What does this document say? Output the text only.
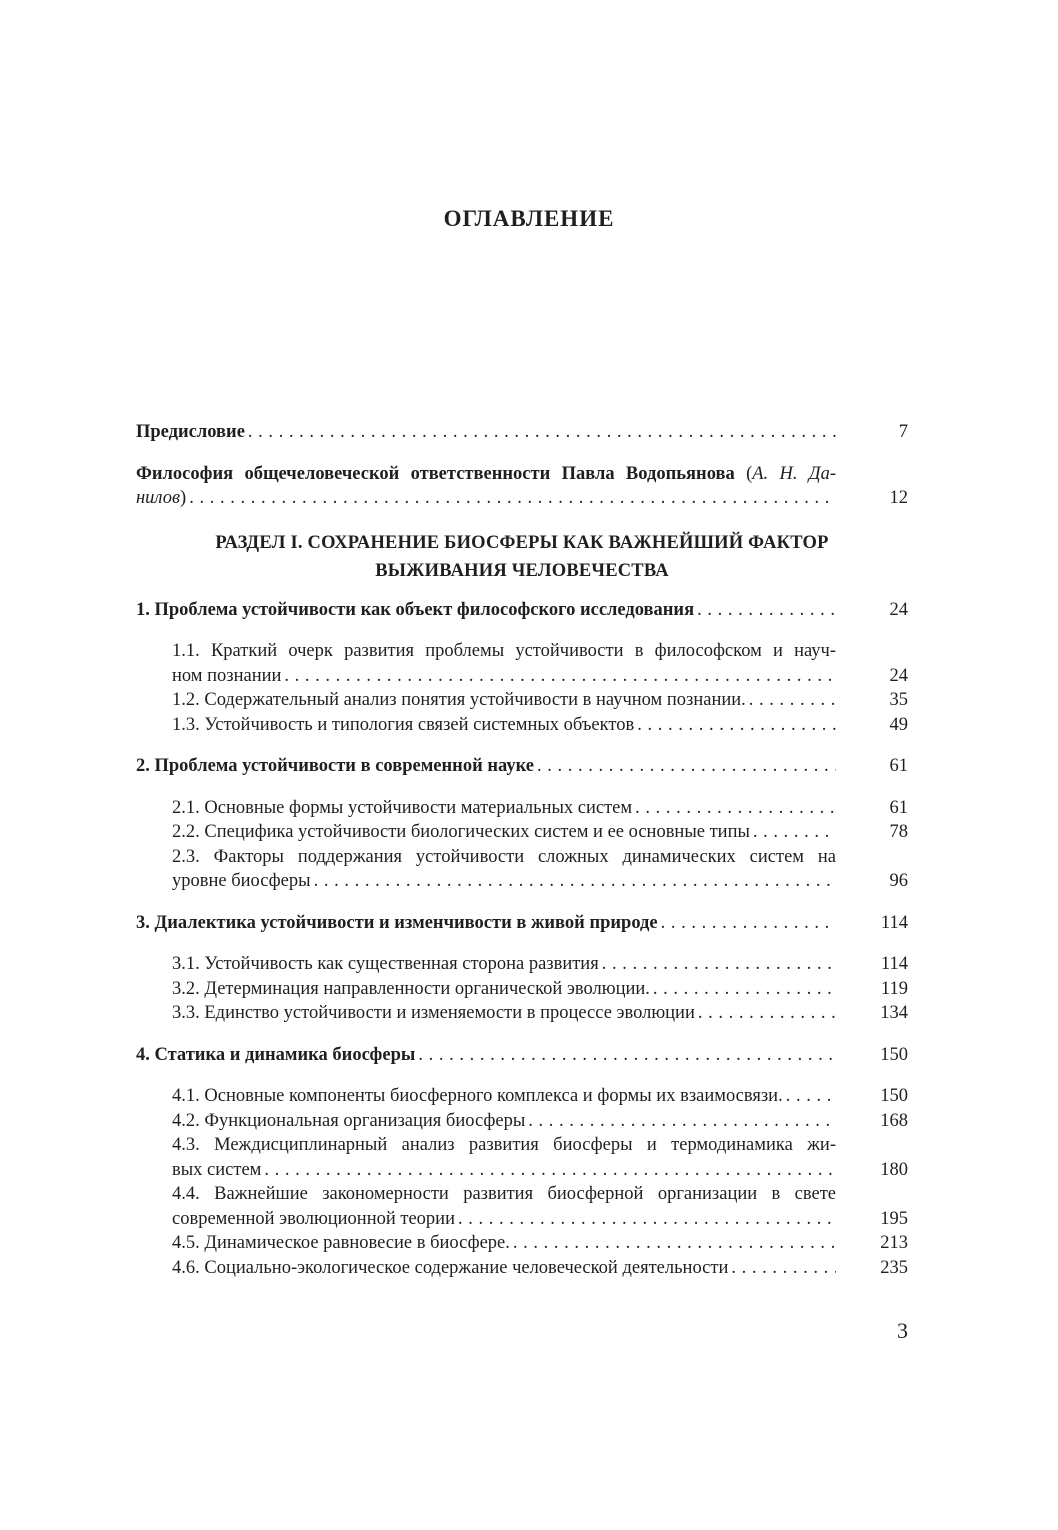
ОГЛАВЛЕНИЕ
Предисловие . . .	7
Философия общечеловеческой ответственности Павла Водопьянова (А. Н. Да-
нилов) . . .	12
РАЗДЕЛ I. СОХРАНЕНИЕ БИОСФЕРЫ КАК ВАЖНЕЙШИЙ ФАКТОР
ВЫЖИВАНИЯ ЧЕЛОВЕЧЕСТВА
1. Проблема устойчивости как объект философского исследования . . .	24
1.1. Краткий очерк развития проблемы устойчивости в философском и науч-
ном познании . . .	24
1.2. Содержательный анализ понятия устойчивости в научном познании. . . .	35
1.3. Устойчивость и типология связей системных объектов . . .	49
2. Проблема устойчивости в современной науке . . .	61
2.1. Основные формы устойчивости материальных систем . . .	61
2.2. Специфика устойчивости биологических систем и ее основные типы . . .	78
2.3. Факторы поддержания устойчивости сложных динамических систем на
уровне биосферы . . .	96
3. Диалектика устойчивости и изменчивости в живой природе . . .	114
3.1. Устойчивость как существенная сторона развития . . .	114
3.2. Детерминация направленности органической эволюции. . . .	119
3.3. Единство устойчивости и изменяемости в процессе эволюции . . .	134
4. Статика и динамика биосферы . . .	150
4.1. Основные компоненты биосферного комплекса и формы их взаимосвязи. . . .	150
4.2. Функциональная организация биосферы . . .	168
4.3. Междисциплинарный анализ развития биосферы и термодинамика жи-
вых систем . . .	180
4.4. Важнейшие закономерности развития биосферной организации в свете
современной эволюционной теории . . .	195
4.5. Динамическое равновесие в биосфере. . . .	213
4.6. Социально-экологическое содержание человеческой деятельности . . .	235
3
